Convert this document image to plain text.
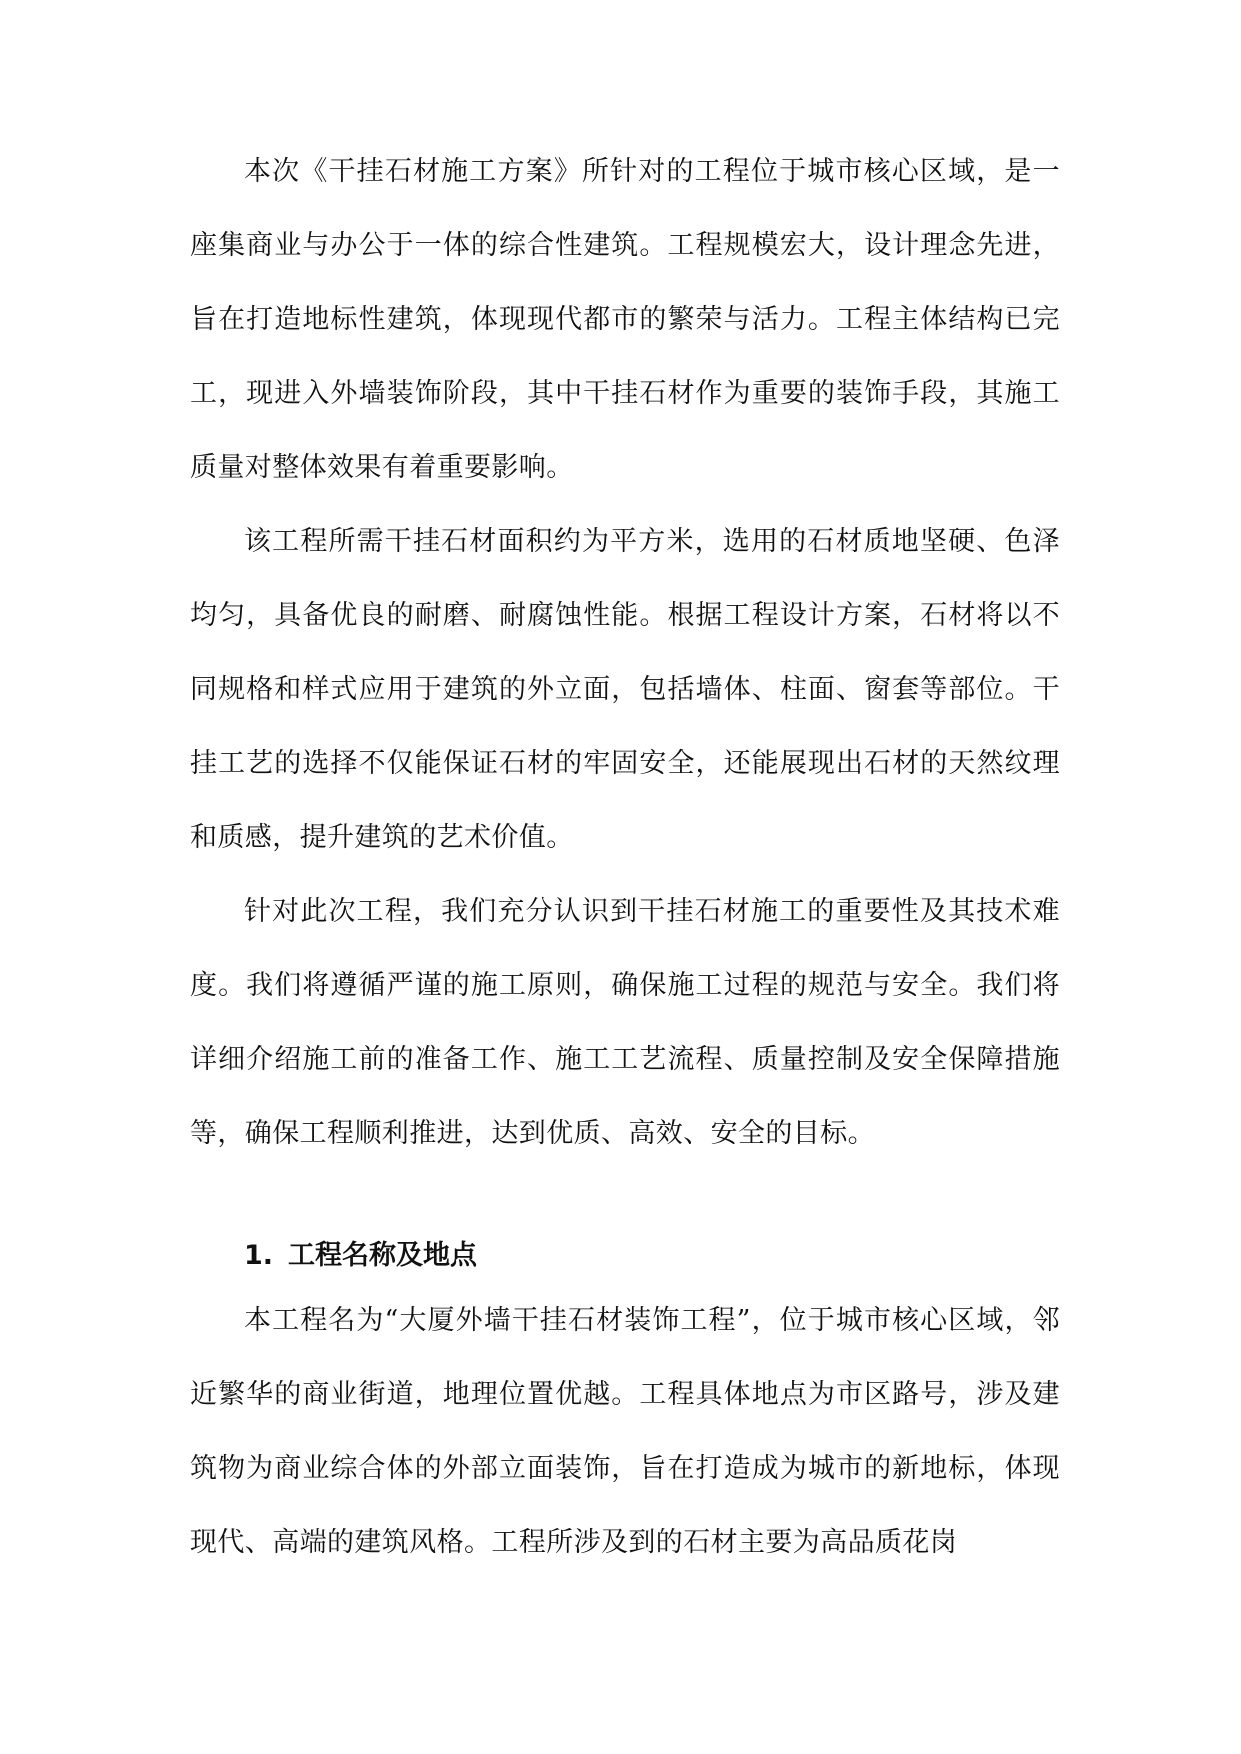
本次《干挂石材施工方案》所针对的工程位于城市核心区域，是一座集商业与办公于一体的综合性建筑。工程规模宏大，设计理念先进，旨在打造地标性建筑，体现现代都市的繁荣与活力。工程主体结构已完工，现进入外墙装饰阶段，其中干挂石材作为重要的装饰手段，其施工质量对整体效果有着重要影响。

该工程所需干挂石材面积约为平方米，选用的石材质地坚硬、色泽均匀，具备优良的耐磨、耐腐蚀性能。根据工程设计方案，石材将以不同规格和样式应用于建筑的外立面，包括墙体、柱面、窗套等部位。干挂工艺的选择不仅能保证石材的牢固安全，还能展现出石材的天然纹理和质感，提升建筑的艺术价值。

针对此次工程，我们充分认识到干挂石材施工的重要性及其技术难度。我们将遵循严谨的施工原则，确保施工过程的规范与安全。我们将详细介绍施工前的准备工作、施工工艺流程、质量控制及安全保障措施等，确保工程顺利推进，达到优质、高效、安全的目标。

1. 工程名称及地点

本工程名为“大厦外墙干挂石材装饰工程”，位于城市核心区域，邻近繁华的商业街道，地理位置优越。工程具体地点为市区路号，涉及建筑物为商业综合体的外部立面装饰，旨在打造成为城市的新地标，体现现代、高端的建筑风格。工程所涉及到的石材主要为高品质花岗
